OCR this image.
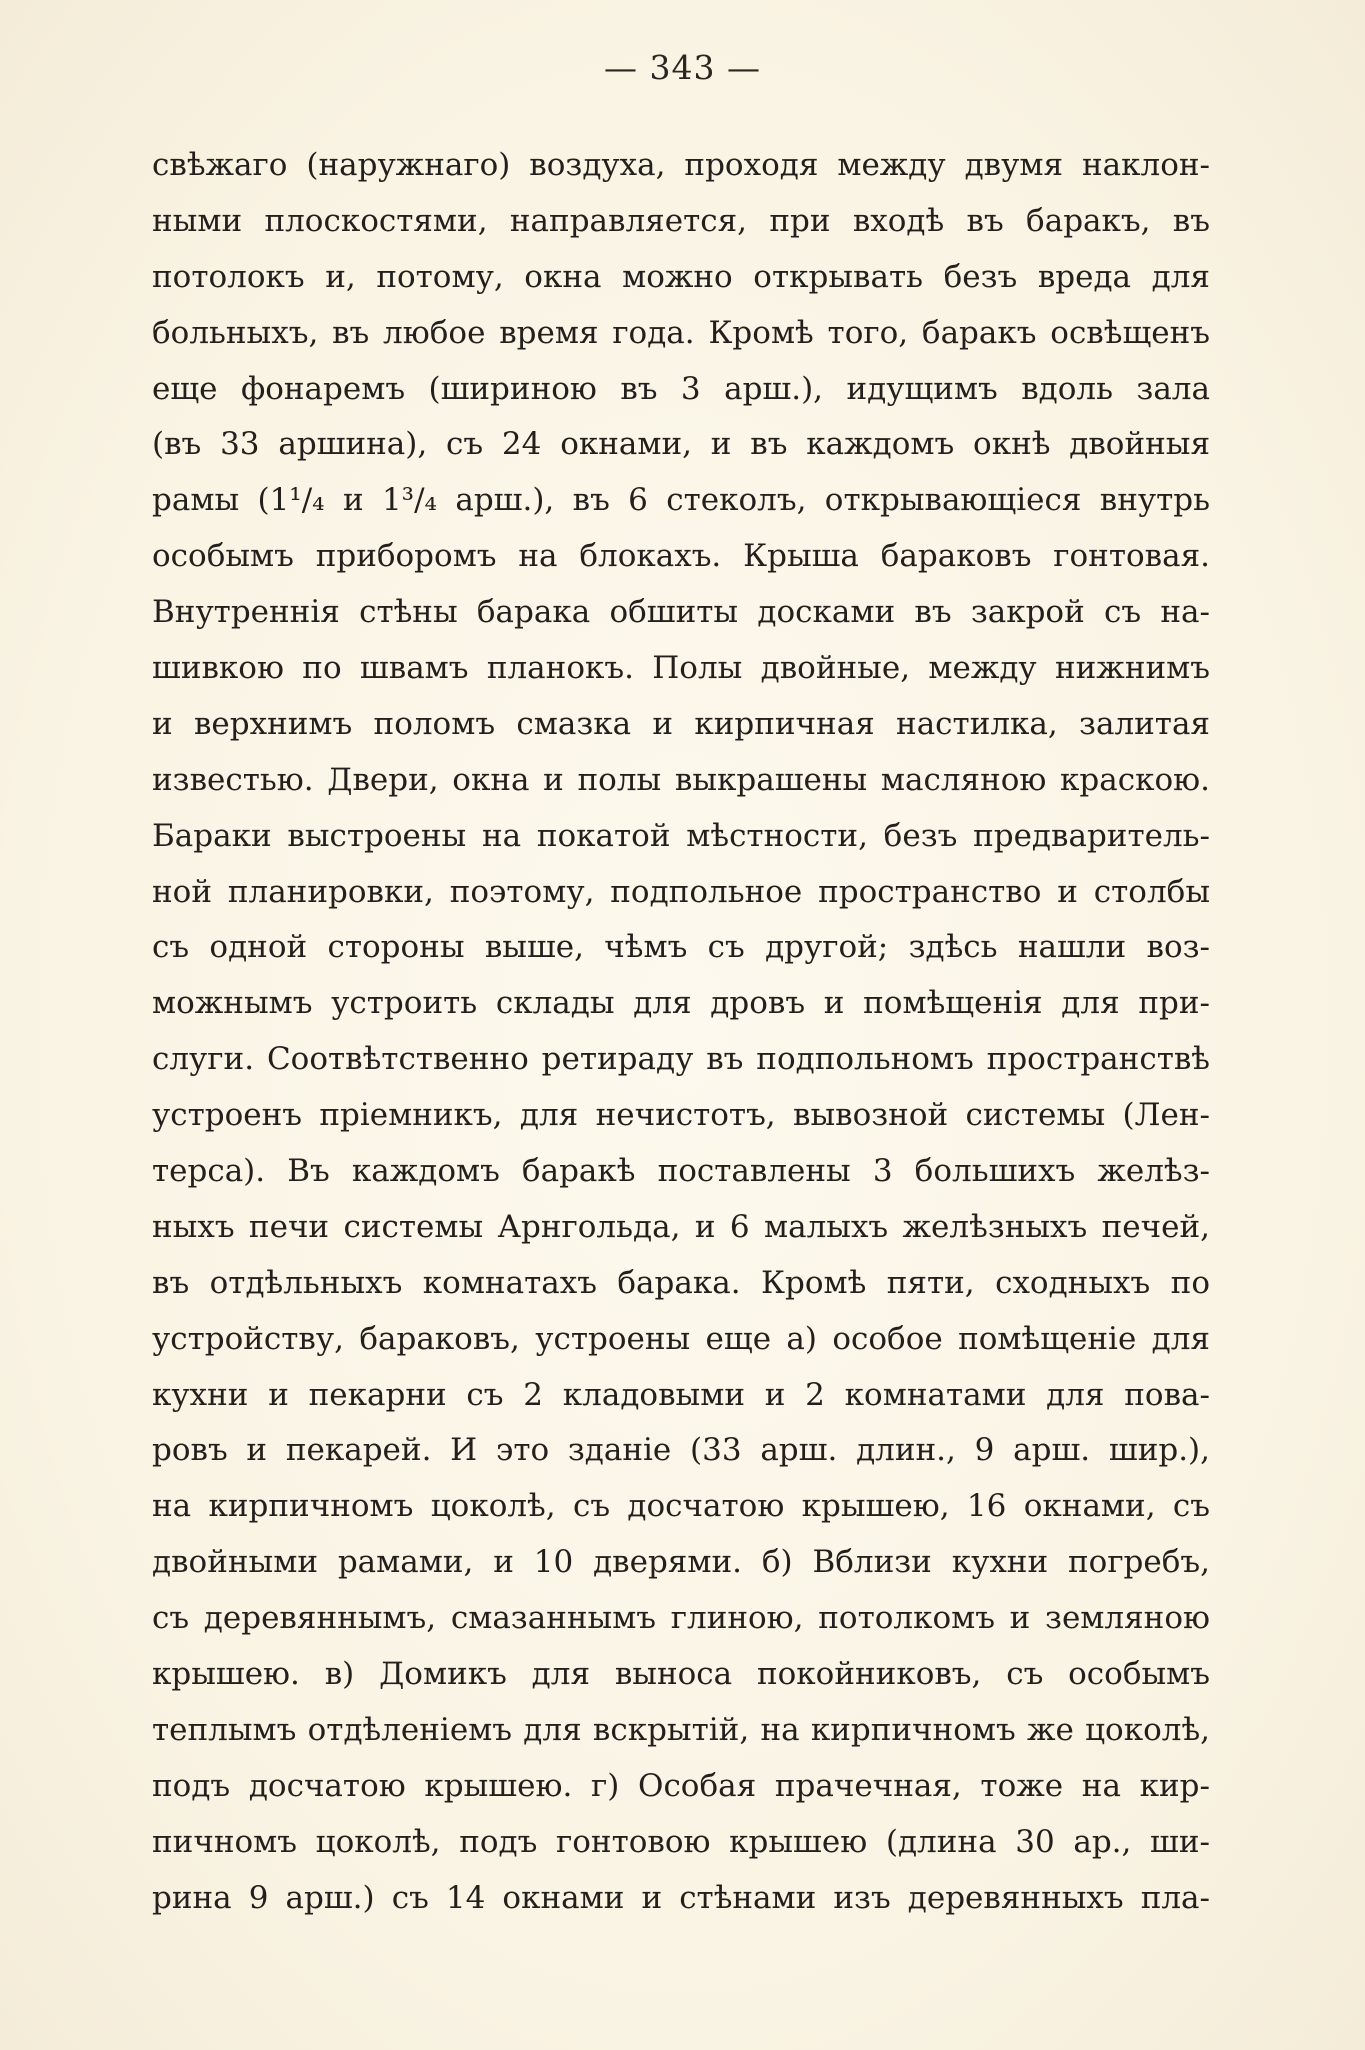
— 343 —
свѣжаго (наружнаго) воздуха, проходя между двумя наклон-
ными плоскостями, направляется, при входѣ въ баракъ, въ
потолокъ и, потому, окна можно открывать безъ вреда для
больныхъ, въ любое время года. Кромѣ того, баракъ освѣщенъ
еще фонаремъ (шириною въ 3 арш.), идущимъ вдоль зала
(въ 33 аршина), съ 24 окнами, и въ каждомъ окнѣ двойныя
рамы (1¹/₄ и 1³/₄ арш.), въ 6 стеколъ, открывающіеся внутрь
особымъ приборомъ на блокахъ. Крыша бараковъ гонтовая.
Внутреннія стѣны барака обшиты досками въ закрой съ на-
шивкою по швамъ планокъ. Полы двойные, между нижнимъ
и верхнимъ поломъ смазка и кирпичная настилка, залитая
известью. Двери, окна и полы выкрашены масляною краскою.
Бараки выстроены на покатой мѣстности, безъ предваритель-
ной планировки, поэтому, подпольное пространство и столбы
съ одной стороны выше, чѣмъ съ другой; здѣсь нашли воз-
можнымъ устроить склады для дровъ и помѣщенія для при-
слуги. Соотвѣтственно ретираду въ подпольномъ пространствѣ
устроенъ пріемникъ, для нечистотъ, вывозной системы (Лен-
терса). Въ каждомъ баракѣ поставлены 3 большихъ желѣз-
ныхъ печи системы Арнгольда, и 6 малыхъ желѣзныхъ печей,
въ отдѣльныхъ комнатахъ барака. Кромѣ пяти, сходныхъ по
устройству, бараковъ, устроены еще а) особое помѣщеніе для
кухни и пекарни съ 2 кладовыми и 2 комнатами для пова-
ровъ и пекарей. И это зданіе (33 арш. длин., 9 арш. шир.),
на кирпичномъ цоколѣ, съ досчатою крышею, 16 окнами, съ
двойными рамами, и 10 дверями. б) Вблизи кухни погребъ,
съ деревяннымъ, смазаннымъ глиною, потолкомъ и земляною
крышею. в) Домикъ для выноса покойниковъ, съ особымъ
теплымъ отдѣленіемъ для вскрытій, на кирпичномъ же цоколѣ,
подъ досчатою крышею. г) Особая прачечная, тоже на кир-
пичномъ цоколѣ, подъ гонтовою крышею (длина 30 ар., ши-
рина 9 арш.) съ 14 окнами и стѣнами изъ деревянныхъ пла-
